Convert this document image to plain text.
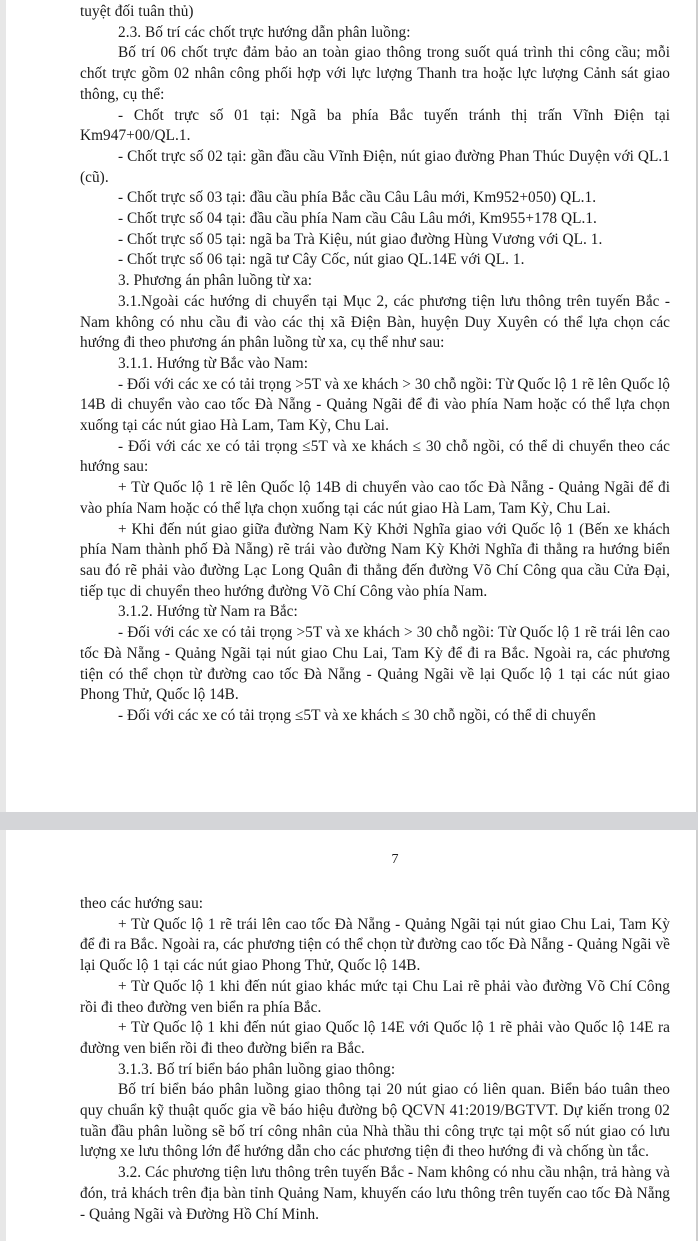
tuyệt đối tuân thủ)

2.3. Bố trí các chốt trực hướng dẫn phân luồng:

Bố trí 06 chốt trực đảm bảo an toàn giao thông trong suốt quá trình thi công cầu; mỗi chốt trực gồm 02 nhân công phối hợp với lực lượng Thanh tra hoặc lực lượng Cảnh sát giao thông, cụ thể:

- Chốt trực số 01 tại: Ngã ba phía Bắc tuyến tránh thị trấn Vĩnh Điện tại Km947+00/QL.1.

- Chốt trực số 02 tại: gần đầu cầu Vĩnh Điện, nút giao đường Phan Thúc Duyện với QL.1 (cũ).

- Chốt trực số 03 tại: đầu cầu phía Bắc cầu Câu Lâu mới, Km952+050) QL.1.

- Chốt trực số 04 tại: đầu cầu phía Nam cầu Câu Lâu mới, Km955+178 QL.1.

- Chốt trực số 05 tại: ngã ba Trà Kiệu, nút giao đường Hùng Vương với QL. 1.

- Chốt trực số 06 tại: ngã tư Cây Cốc, nút giao QL.14E với QL. 1.

3. Phương án phân luồng từ xa:

3.1.Ngoài các hướng di chuyển tại Mục 2, các phương tiện lưu thông trên tuyến Bắc - Nam không có nhu cầu đi vào các thị xã Điện Bàn, huyện Duy Xuyên có thể lựa chọn các hướng đi theo phương án phân luồng từ xa, cụ thể như sau:

3.1.1. Hướng từ Bắc vào Nam:

- Đối với các xe có tải trọng >5T và xe khách > 30 chỗ ngồi: Từ Quốc lộ 1 rẽ lên Quốc lộ 14B di chuyển vào cao tốc Đà Nẵng - Quảng Ngãi để đi vào phía Nam hoặc có thể lựa chọn xuống tại các nút giao Hà Lam, Tam Kỳ, Chu Lai.

- Đối với các xe có tải trọng ≤5T và xe khách ≤ 30 chỗ ngồi, có thể di chuyển theo các hướng sau:

+ Từ Quốc lộ 1 rẽ lên Quốc lộ 14B di chuyển vào cao tốc Đà Nẵng - Quảng Ngãi để đi vào phía Nam hoặc có thể lựa chọn xuống tại các nút giao Hà Lam, Tam Kỳ, Chu Lai.

+ Khi đến nút giao giữa đường Nam Kỳ Khởi Nghĩa giao với Quốc lộ 1 (Bến xe khách phía Nam thành phố Đà Nẵng) rẽ trái vào đường Nam Kỳ Khởi Nghĩa đi thẳng ra hướng biển sau đó rẽ phải vào đường Lạc Long Quân đi thẳng đến đường Võ Chí Công qua cầu Cửa Đại, tiếp tục di chuyển theo hướng đường Võ Chí Công vào phía Nam.

3.1.2. Hướng từ Nam ra Bắc:

- Đối với các xe có tải trọng >5T và xe khách > 30 chỗ ngồi: Từ Quốc lộ 1 rẽ trái lên cao tốc Đà Nẵng - Quảng Ngãi tại nút giao Chu Lai, Tam Kỳ để đi ra Bắc. Ngoài ra, các phương tiện có thể chọn từ đường cao tốc Đà Nẵng - Quảng Ngãi về lại Quốc lộ 1 tại các nút giao Phong Thử, Quốc lộ 14B.

- Đối với các xe có tải trọng ≤5T và xe khách ≤ 30 chỗ ngồi, có thể di chuyển

7

theo các hướng sau:

+ Từ Quốc lộ 1 rẽ trái lên cao tốc Đà Nẵng - Quảng Ngãi tại nút giao Chu Lai, Tam Kỳ để đi ra Bắc. Ngoài ra, các phương tiện có thể chọn từ đường cao tốc Đà Nẵng - Quảng Ngãi về lại Quốc lộ 1 tại các nút giao Phong Thử, Quốc lộ 14B.

+ Từ Quốc lộ 1 khi đến nút giao khác mức tại Chu Lai rẽ phải vào đường Võ Chí Công rồi đi theo đường ven biển ra phía Bắc.

+ Từ Quốc lộ 1 khi đến nút giao Quốc lộ 14E với Quốc lộ 1 rẽ phải vào Quốc lộ 14E ra đường ven biển rồi đi theo đường biển ra Bắc.

3.1.3. Bố trí biển báo phân luồng giao thông:

Bố trí biển báo phân luồng giao thông tại 20 nút giao có liên quan. Biển báo tuân theo quy chuẩn kỹ thuật quốc gia về báo hiệu đường bộ QCVN 41:2019/BGTVT. Dự kiến trong 02 tuần đầu phân luồng sẽ bố trí công nhân của Nhà thầu thi công trực tại một số nút giao có lưu lượng xe lưu thông lớn để hướng dẫn cho các phương tiện đi theo hướng đi và chống ùn tắc.

3.2. Các phương tiện lưu thông trên tuyến Bắc - Nam không có nhu cầu nhận, trả hàng và đón, trả khách trên địa bàn tỉnh Quảng Nam, khuyến cáo lưu thông trên tuyến cao tốc Đà Nẵng - Quảng Ngãi và Đường Hồ Chí Minh.
